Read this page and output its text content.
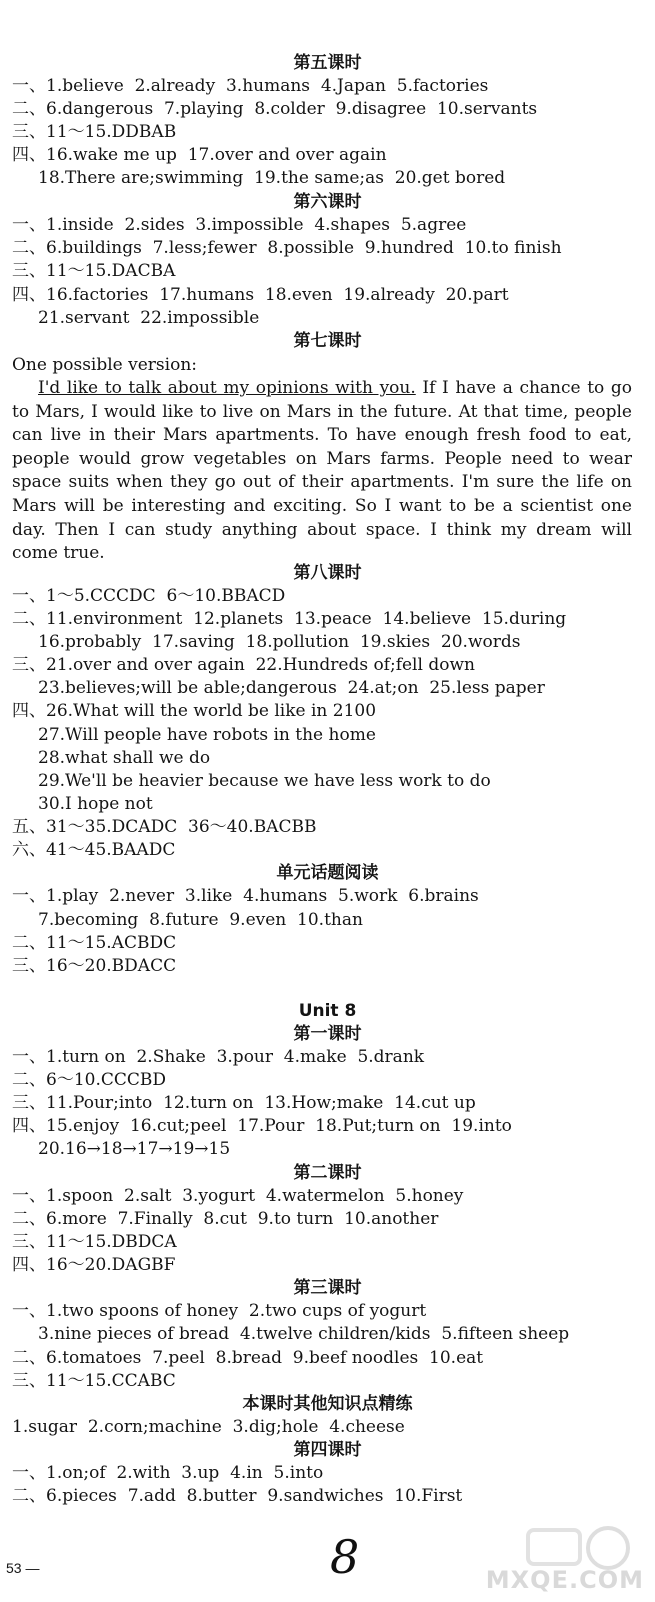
第五课时
一、1.believe  2.already  3.humans  4.Japan  5.factories
二、6.dangerous  7.playing  8.colder  9.disagree  10.servants
三、11～15.DDBAB
四、16.wake me up  17.over and over again
18.There are;swimming  19.the same;as  20.get bored
第六课时
一、1.inside  2.sides  3.impossible  4.shapes  5.agree
二、6.buildings  7.less;fewer  8.possible  9.hundred  10.to finish
三、11～15.DACBA
四、16.factories  17.humans  18.even  19.already  20.part
21.servant  22.impossible
第七课时
One possible version:
I'd like to talk about my opinions with you. If I have a chance to go to Mars, I would like to live on Mars in the future. At that time, people can live in their Mars apartments. To have enough fresh food to eat, people would grow vegetables on Mars farms. People need to wear space suits when they go out of their apartments. I'm sure the life on Mars will be interesting and exciting. So I want to be a scientist one day. Then I can study anything about space. I think my dream will come true.
第八课时
一、1～5.CCCDC  6～10.BBACD
二、11.environment  12.planets  13.peace  14.believe  15.during
16.probably  17.saving  18.pollution  19.skies  20.words
三、21.over and over again  22.Hundreds of;fell down
23.believes;will be able;dangerous  24.at;on  25.less paper
四、26.What will the world be like in 2100
27.Will people have robots in the home
28.what shall we do
29.We'll be heavier because we have less work to do
30.I hope not
五、31～35.DCADC  36～40.BACBB
六、41～45.BAADC
单元话题阅读
一、1.play  2.never  3.like  4.humans  5.work  6.brains
7.becoming  8.future  9.even  10.than
二、11～15.ACBDC
三、16～20.BDACC
Unit 8
第一课时
一、1.turn on  2.Shake  3.pour  4.make  5.drank
二、6～10.CCCBD
三、11.Pour;into  12.turn on  13.How;make  14.cut up
四、15.enjoy  16.cut;peel  17.Pour  18.Put;turn on  19.into
20.16→18→17→19→15
第二课时
一、1.spoon  2.salt  3.yogurt  4.watermelon  5.honey
二、6.more  7.Finally  8.cut  9.to turn  10.another
三、11～15.DBDCA
四、16～20.DAGBF
第三课时
一、1.two spoons of honey  2.two cups of yogurt
3.nine pieces of bread  4.twelve children/kids  5.fifteen sheep
二、6.tomatoes  7.peel  8.bread  9.beef noodles  10.eat
三、11～15.CCABC
本课时其他知识点精练
1.sugar  2.corn;machine  3.dig;hole  4.cheese
第四课时
一、1.on;of  2.with  3.up  4.in  5.into
二、6.pieces  7.add  8.butter  9.sandwiches  10.First
53 —	8	MXQE.COM
